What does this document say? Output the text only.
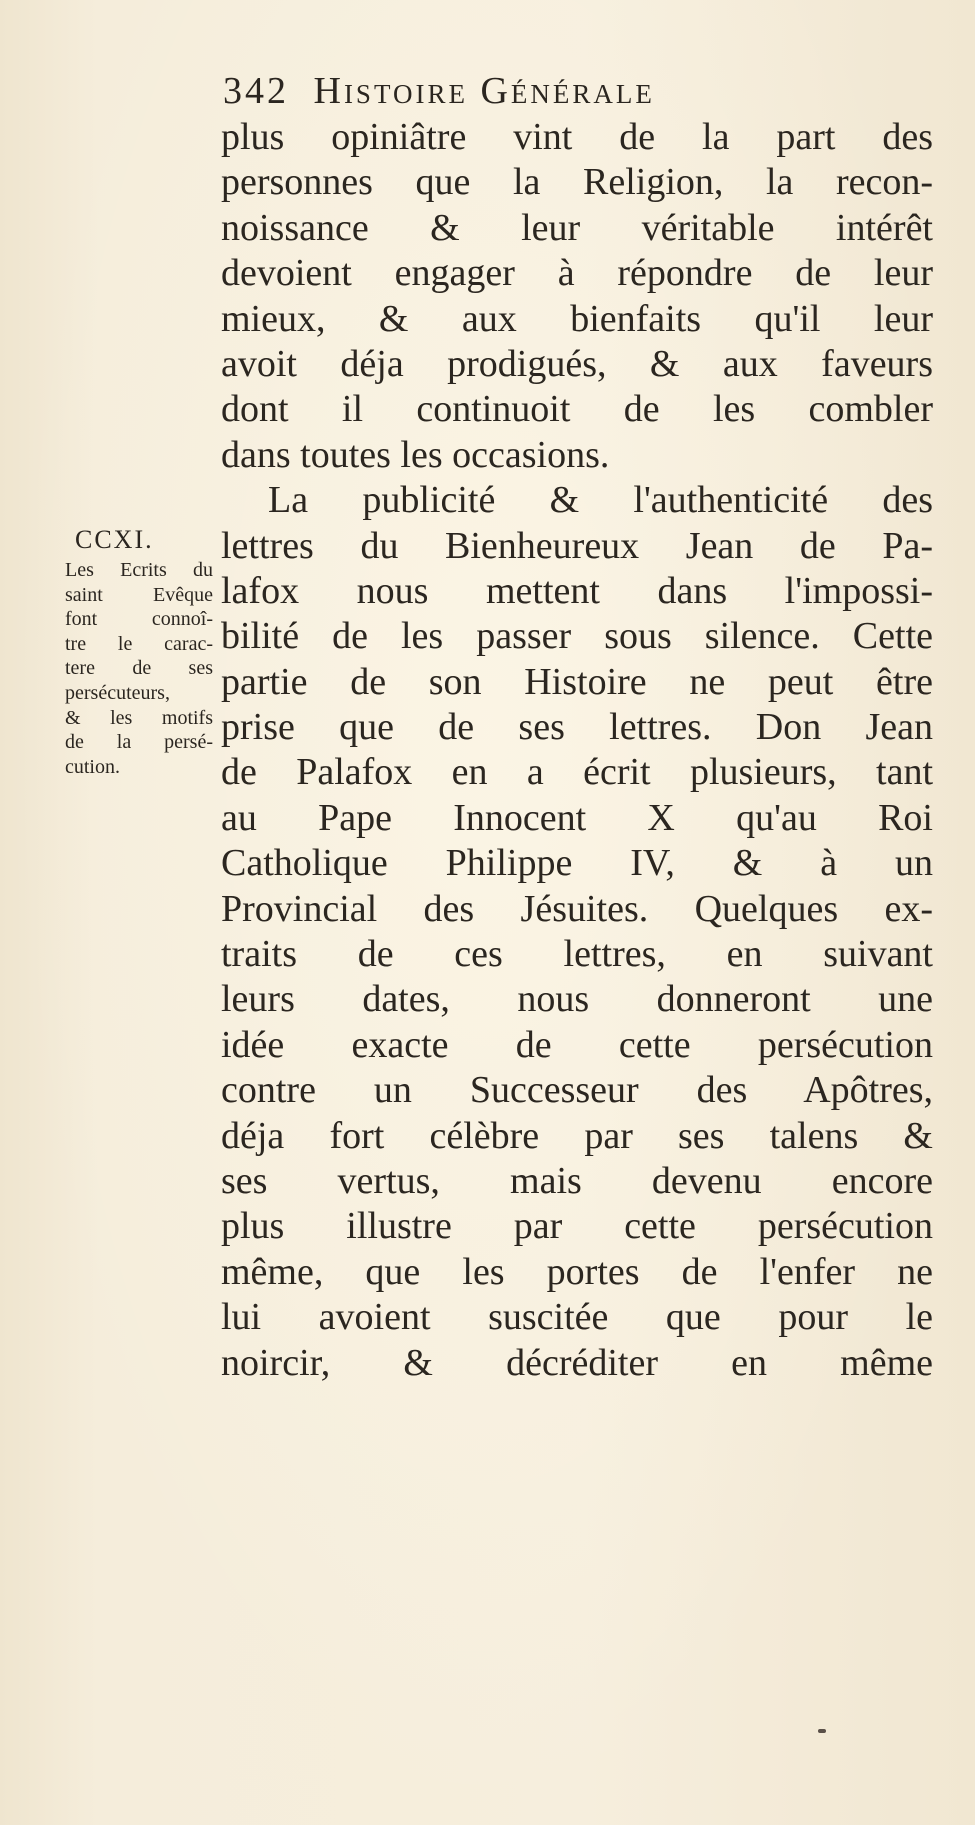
342 Histoire Générale
CCXI.
Les Ecrits du
saint Evêque
font connoî-
tre le carac-
tere de ses
persécuteurs,
& les motifs
de la persé-
cution.
plus opiniâtre vint de la part des
personnes que la Religion, la recon-
noissance & leur véritable intérêt
devoient engager à répondre de leur
mieux, & aux bienfaits qu'il leur
avoit déja prodigués, & aux faveurs
dont il continuoit de les combler
dans toutes les occasions.
La publicité & l'authenticité des
lettres du Bienheureux Jean de Pa-
lafox nous mettent dans l'impossi-
bilité de les passer sous silence. Cette
partie de son Histoire ne peut être
prise que de ses lettres. Don Jean
de Palafox en a écrit plusieurs, tant
au Pape Innocent X qu'au Roi
Catholique Philippe IV, & à un
Provincial des Jésuites. Quelques ex-
traits de ces lettres, en suivant
leurs dates, nous donneront une
idée exacte de cette persécution
contre un Successeur des Apôtres,
déja fort célèbre par ses talens &
ses vertus, mais devenu encore
plus illustre par cette persécution
même, que les portes de l'enfer ne
lui avoient suscitée que pour le
noircir, & décréditer en même
